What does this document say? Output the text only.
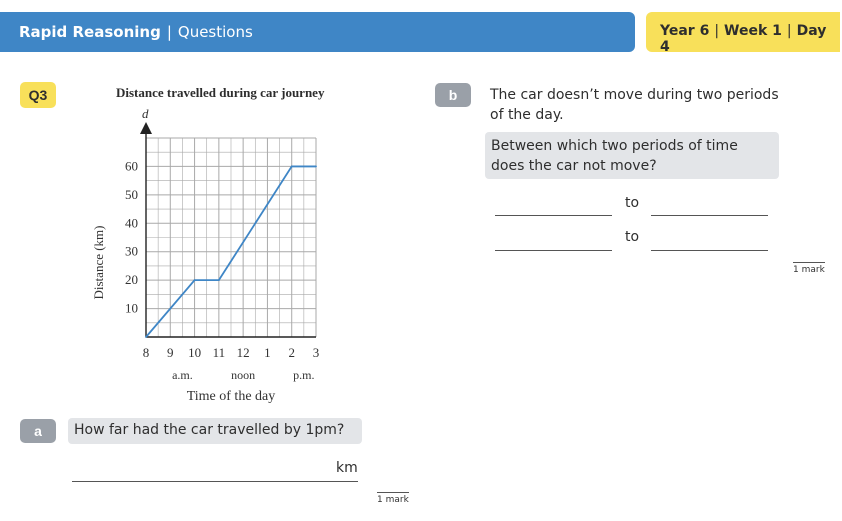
Rapid Reasoning | Questions	Year 6 | Week 1 | Day 4
Q3	Distance travelled during car journey
d
10
20
30
40
50
60
8 9 10 11 12 1 2 3
a.m.	noon	p.m.
Time of the day
Distance (km)
a	How far had the car travelled by 1pm?
km
1 mark
b	The car doesn’t move during two periods of the day.
Between which two periods of time does the car not move?
to
to
1 mark
